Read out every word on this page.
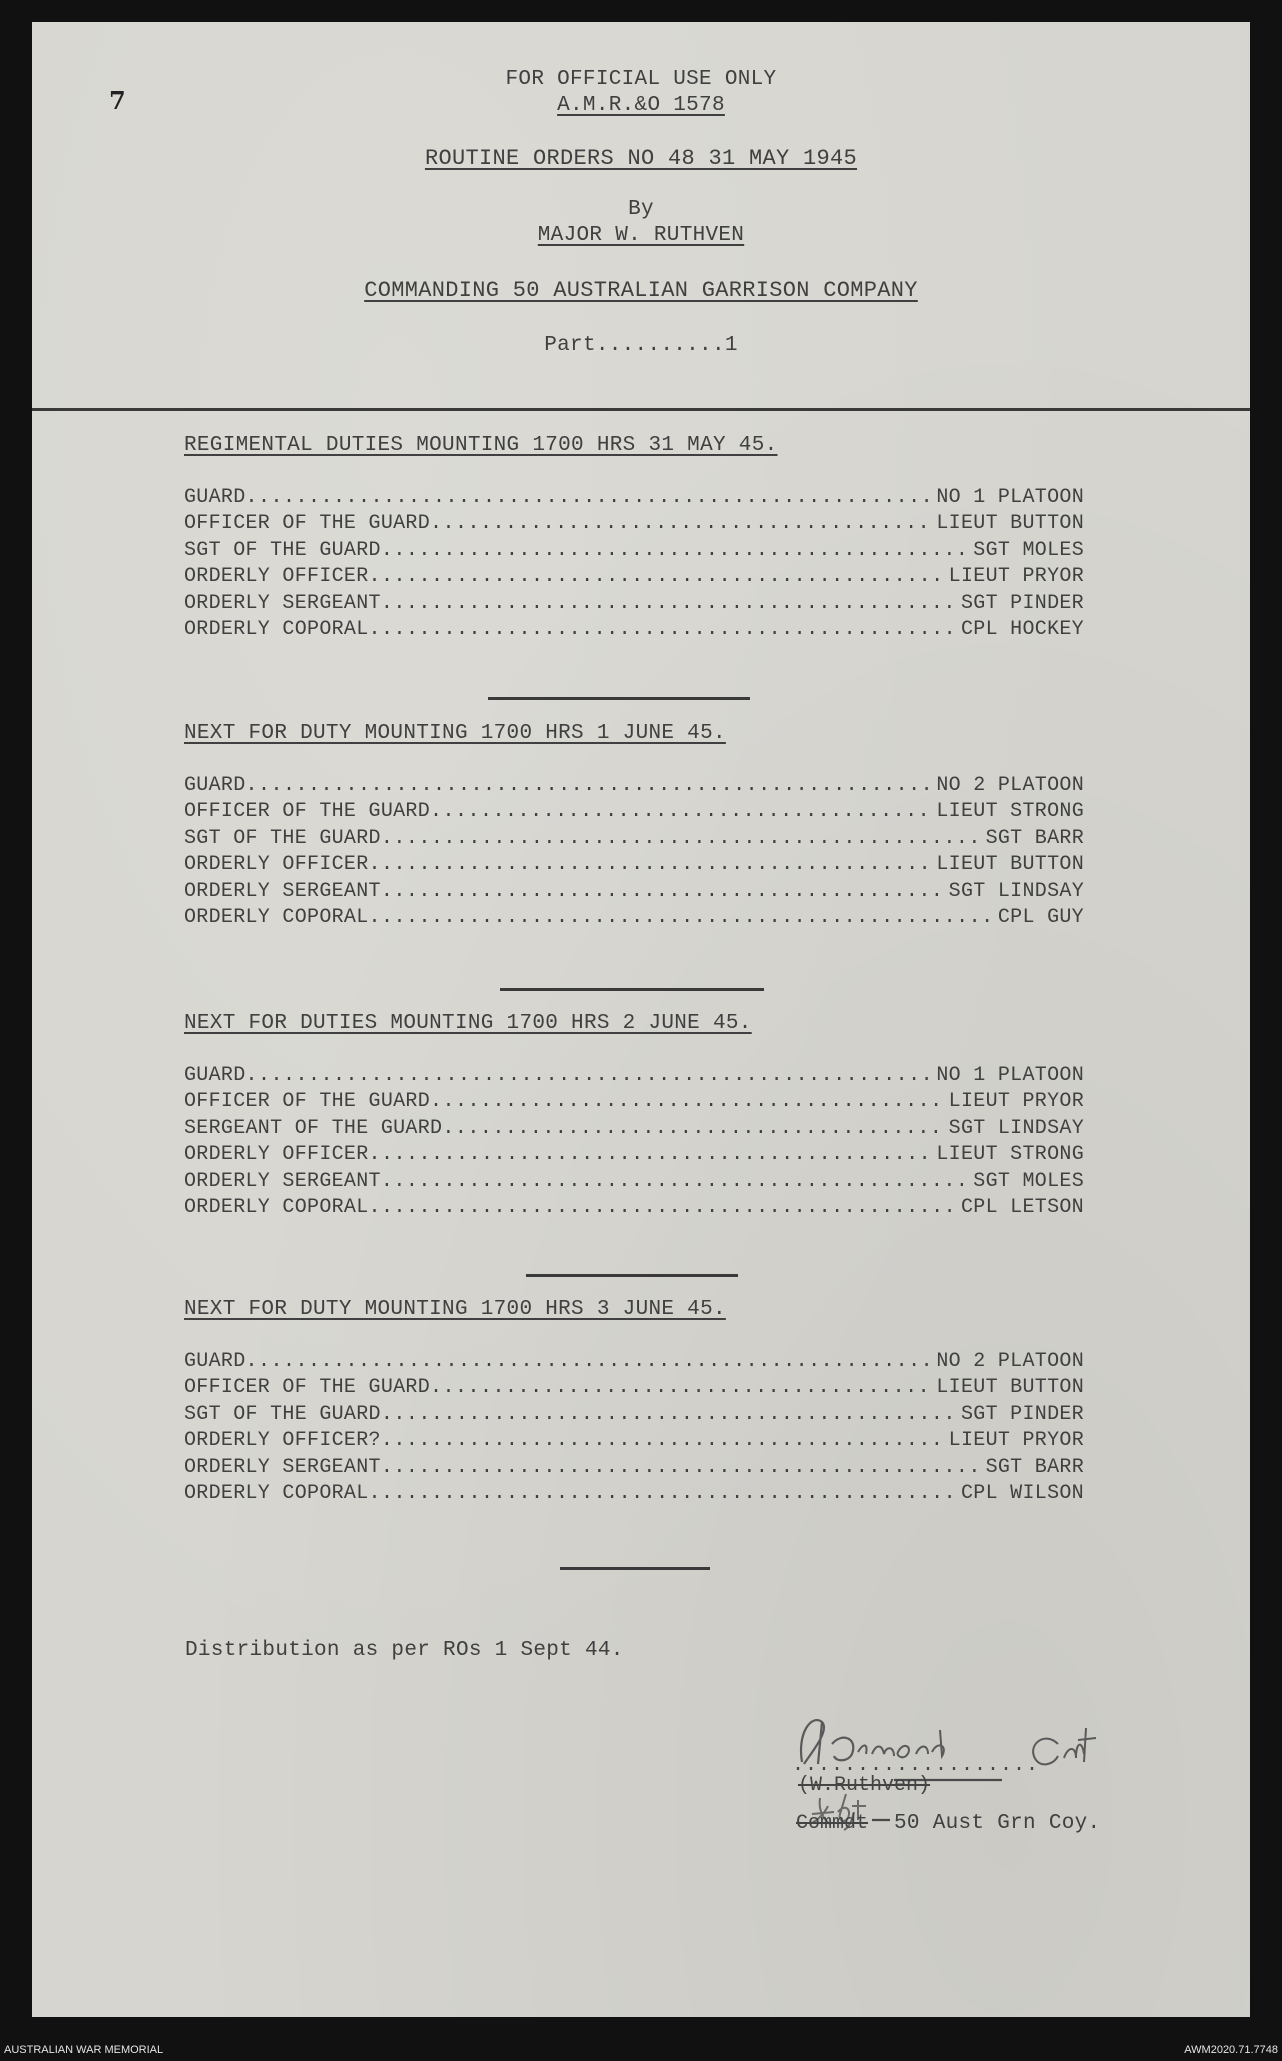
7
FOR OFFICIAL USE ONLY
A.M.R.&O 1578
ROUTINE ORDERS NO 48 31 MAY 1945
By
MAJOR W. RUTHVEN
COMMANDING 50 AUSTRALIAN GARRISON COMPANY
Part..........1
REGIMENTAL DUTIES MOUNTING 1700 HRS 31 MAY 45.
GUARD .....	NO 1 PLATOON
OFFICER OF THE GUARD .....	LIEUT BUTTON
SGT OF THE GUARD .....	SGT MOLES
ORDERLY OFFICER .....	LIEUT PRYOR
ORDERLY SERGEANT .....	SGT PINDER
ORDERLY COPORAL .....	CPL HOCKEY
NEXT FOR DUTY MOUNTING 1700 HRS 1 JUNE 45.
GUARD .....	NO 2 PLATOON
OFFICER OF THE GUARD .....	LIEUT STRONG
SGT OF THE GUARD .....	SGT BARR
ORDERLY OFFICER .....	LIEUT BUTTON
ORDERLY SERGEANT .....	SGT LINDSAY
ORDERLY COPORAL .....	CPL GUY
NEXT FOR DUTIES MOUNTING 1700 HRS 2 JUNE 45.
GUARD .....	NO 1 PLATOON
OFFICER OF THE GUARD .....	LIEUT PRYOR
SERGEANT OF THE GUARD .....	SGT LINDSAY
ORDERLY OFFICER .....	LIEUT STRONG
ORDERLY SERGEANT .....	SGT MOLES
ORDERLY COPORAL .....	CPL LETSON
NEXT FOR DUTY MOUNTING 1700 HRS 3 JUNE 45.
GUARD .....	NO 2 PLATOON
OFFICER OF THE GUARD .....	LIEUT BUTTON
SGT OF THE GUARD .....	SGT PINDER
ORDERLY OFFICER? .....	LIEUT PRYOR
ORDERLY SERGEANT .....	SGT BARR
ORDERLY COPORAL .....	CPL WILSON
Distribution as per ROs 1 Sept 44.
...................
(W.Ruthven)
Commdt 50 Aust Grn Coy.
AUSTRALIAN WAR MEMORIAL	AWM2020.71.7748
